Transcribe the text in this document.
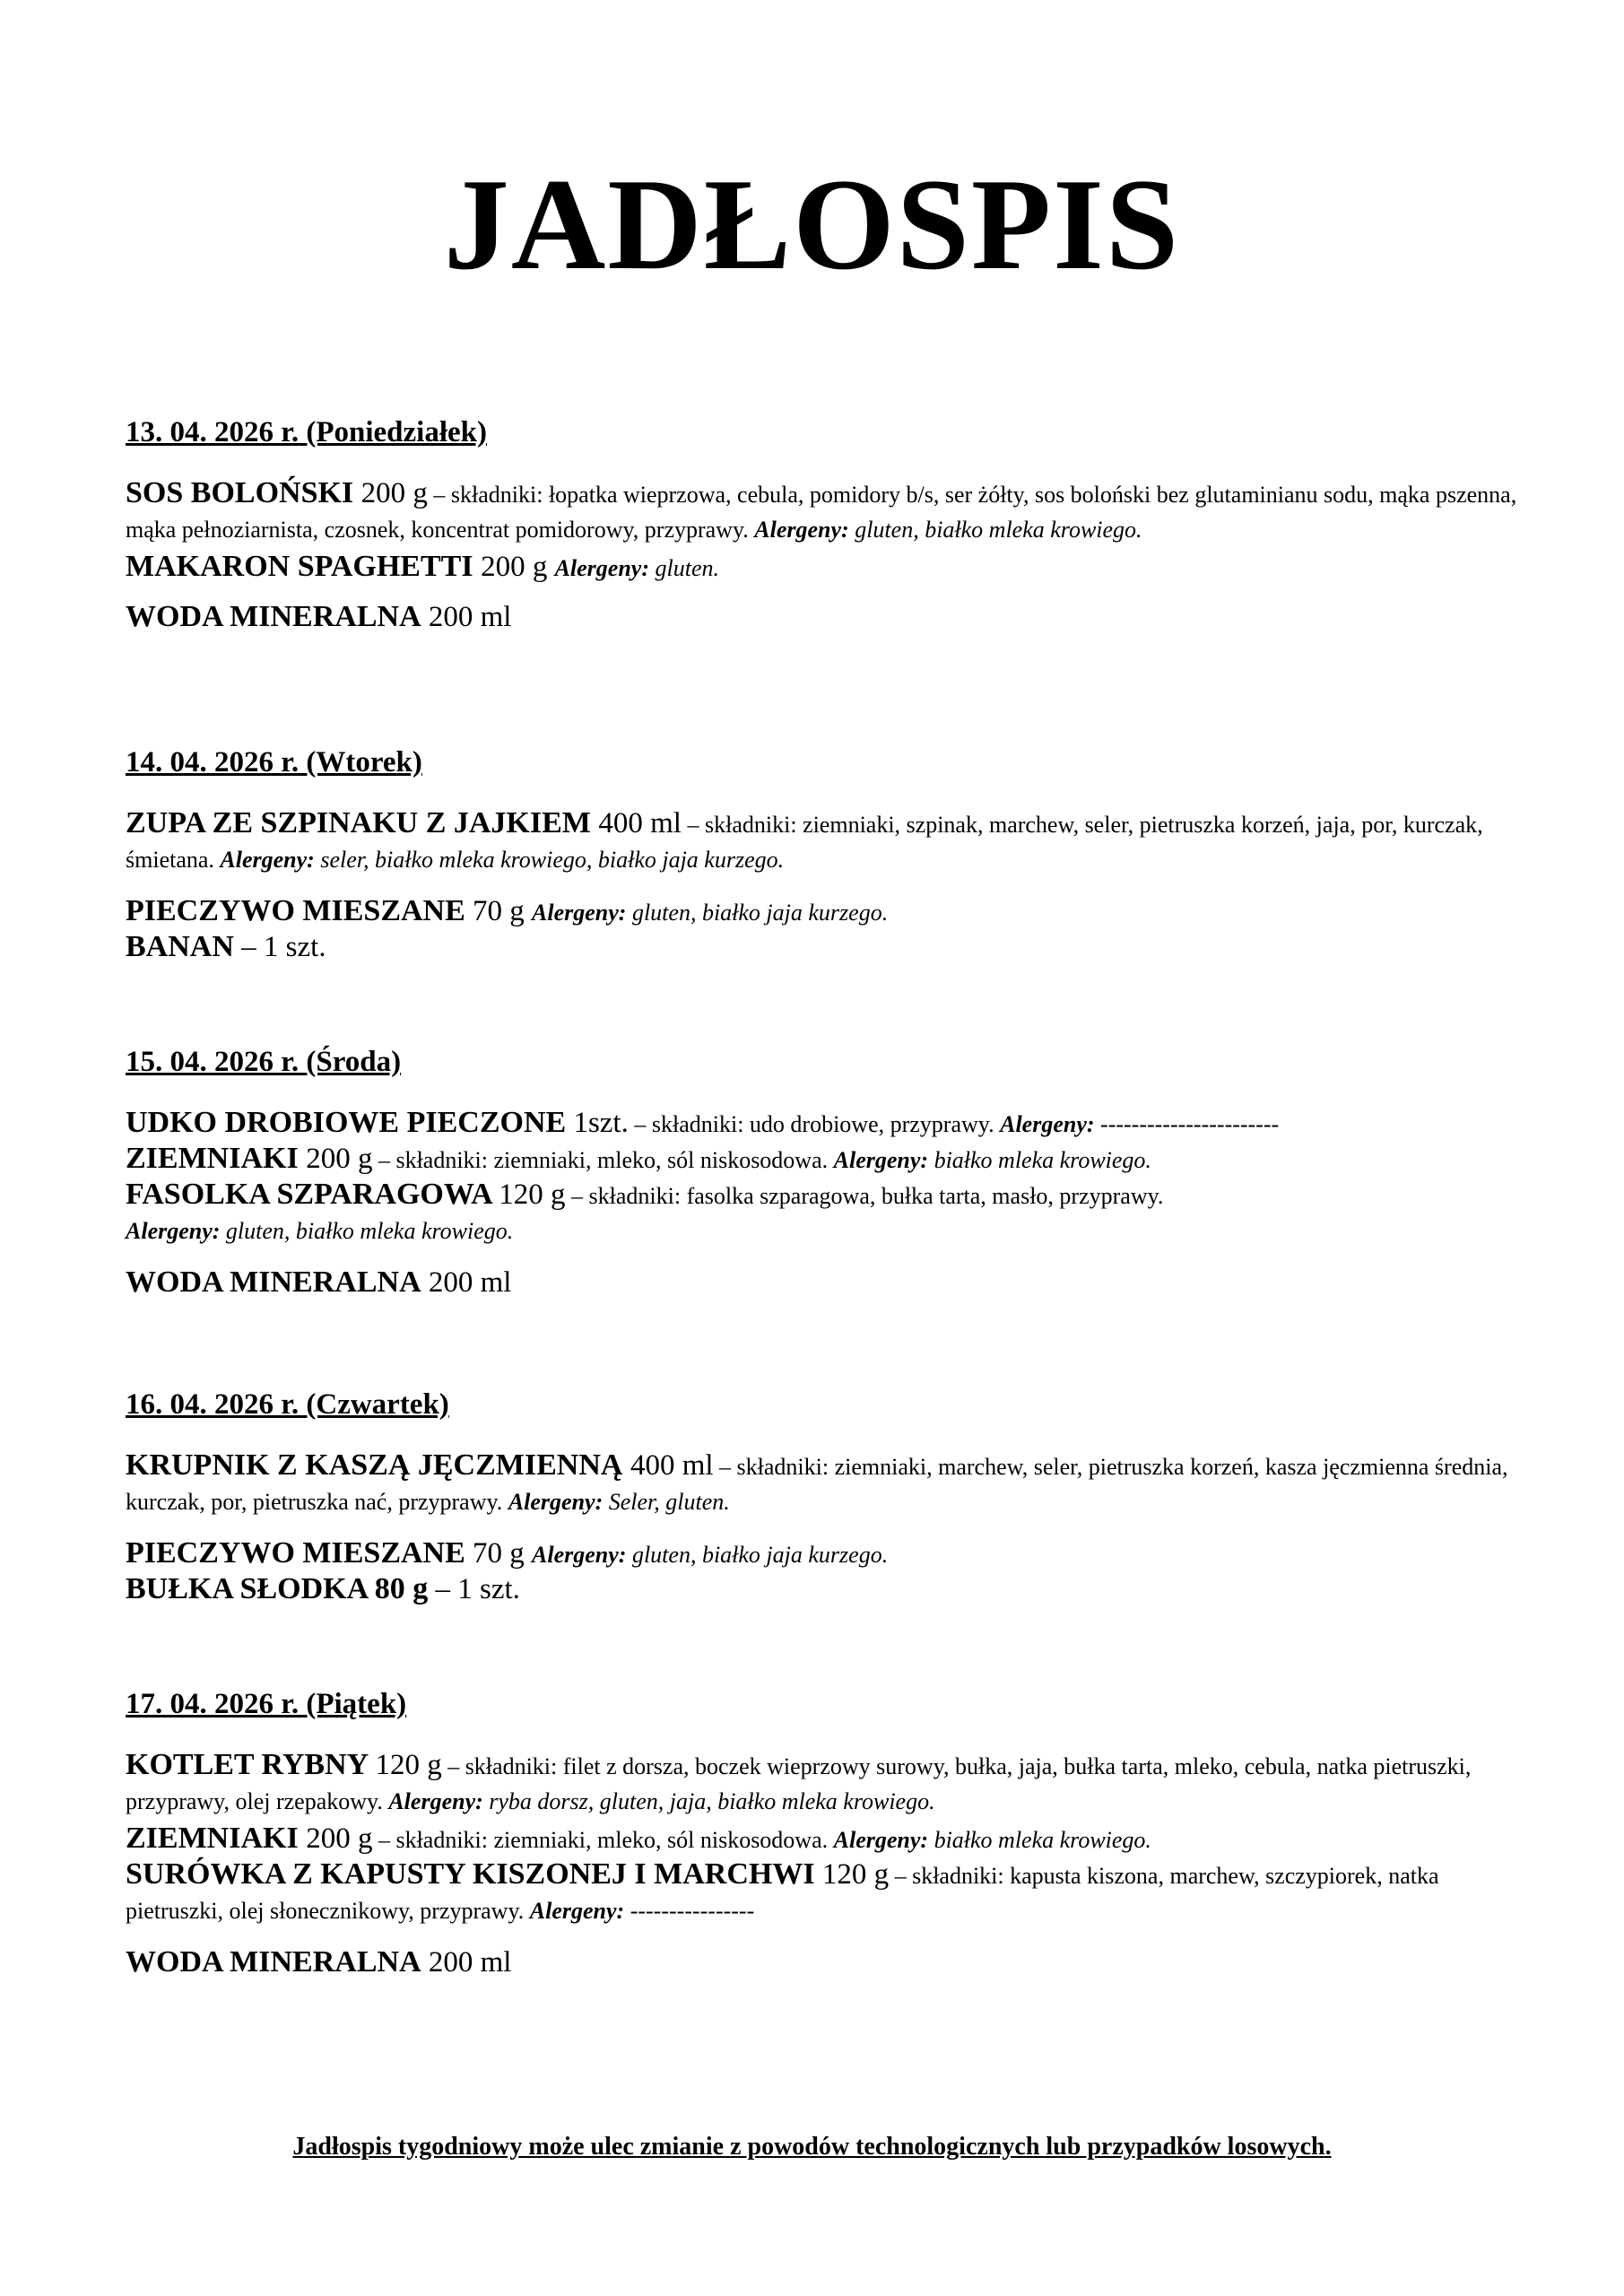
JADŁOSPIS

13. 04. 2026 r. (Poniedziałek)

SOS BOLOŃSKI 200 g – składniki: łopatka wieprzowa, cebula, pomidory b/s, ser żółty, sos boloński bez glutaminianu sodu, mąka pszenna, mąka pełnoziarnista, czosnek, koncentrat pomidorowy, przyprawy. Alergeny: gluten, białko mleka krowiego.

MAKARON SPAGHETTI 200 g Alergeny: gluten.

WODA MINERALNA 200 ml

14. 04. 2026 r. (Wtorek)

ZUPA ZE SZPINAKU Z JAJKIEM 400 ml – składniki: ziemniaki, szpinak, marchew, seler, pietruszka korzeń, jaja, por, kurczak, śmietana. Alergeny: seler, białko mleka krowiego, białko jaja kurzego.

PIECZYWO MIESZANE 70 g Alergeny: gluten, białko jaja kurzego.

BANAN – 1 szt.

15. 04. 2026 r. (Środa)

UDKO DROBIOWE PIECZONE 1szt. – składniki: udo drobiowe, przyprawy. Alergeny: -----------------------

ZIEMNIAKI 200 g – składniki: ziemniaki, mleko, sól niskosodowa. Alergeny: białko mleka krowiego.

FASOLKA SZPARAGOWA 120 g – składniki: fasolka szparagowa, bułka tarta, masło, przyprawy.
Alergeny: gluten, białko mleka krowiego.

WODA MINERALNA 200 ml

16. 04. 2026 r. (Czwartek)

KRUPNIK Z KASZĄ JĘCZMIENNĄ 400 ml – składniki: ziemniaki, marchew, seler, pietruszka korzeń, kasza jęczmienna średnia, kurczak, por, pietruszka nać, przyprawy. Alergeny: Seler, gluten.

PIECZYWO MIESZANE 70 g Alergeny: gluten, białko jaja kurzego.

BUŁKA SŁODKA 80 g – 1 szt.

17. 04. 2026 r. (Piątek)

KOTLET RYBNY 120 g – składniki: filet z dorsza, boczek wieprzowy surowy, bułka, jaja, bułka tarta, mleko, cebula, natka pietruszki, przyprawy, olej rzepakowy. Alergeny: ryba dorsz, gluten, jaja, białko mleka krowiego.

ZIEMNIAKI 200 g – składniki: ziemniaki, mleko, sól niskosodowa. Alergeny: białko mleka krowiego.

SURÓWKA Z KAPUSTY KISZONEJ I MARCHWI 120 g – składniki: kapusta kiszona, marchew, szczypiorek, natka pietruszki, olej słonecznikowy, przyprawy. Alergeny: ----------------

WODA MINERALNA 200 ml

Jadłospis tygodniowy może ulec zmianie z powodów technologicznych lub przypadków losowych.
